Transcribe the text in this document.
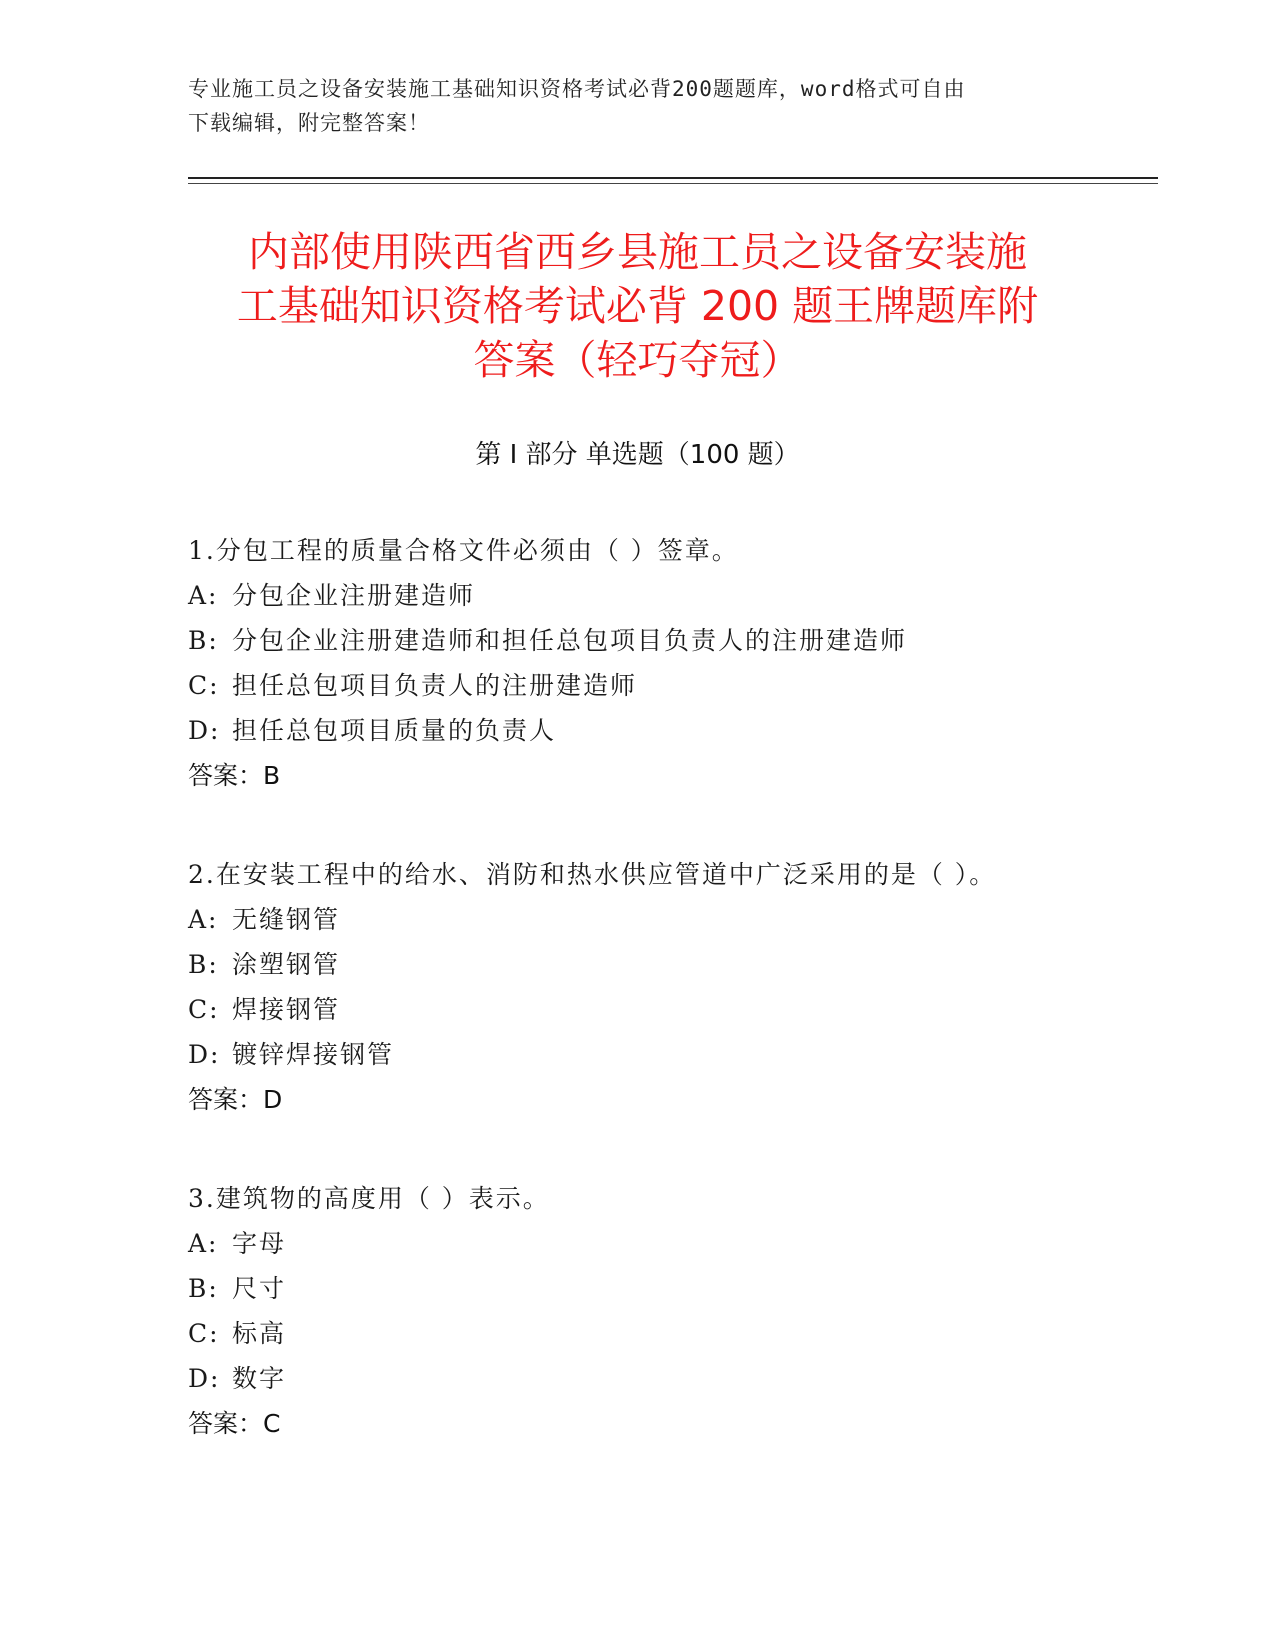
专业施工员之设备安装施工基础知识资格考试必背200题题库，word格式可自由
下载编辑，附完整答案！
内部使用陕西省西乡县施工员之设备安装施
工基础知识资格考试必背 200 题王牌题库附
答案（轻巧夺冠）
第 I 部分 单选题（100 题）
1.分包工程的质量合格文件必须由（ ）签章。
A: 分包企业注册建造师
B: 分包企业注册建造师和担任总包项目负责人的注册建造师
C: 担任总包项目负责人的注册建造师
D: 担任总包项目质量的负责人
答案：B
2.在安装工程中的给水、消防和热水供应管道中广泛采用的是（ ）。
A: 无缝钢管
B: 涂塑钢管
C: 焊接钢管
D: 镀锌焊接钢管
答案：D
3.建筑物的高度用（ ）表示。
A: 字母
B: 尺寸
C: 标高
D: 数字
答案：C
